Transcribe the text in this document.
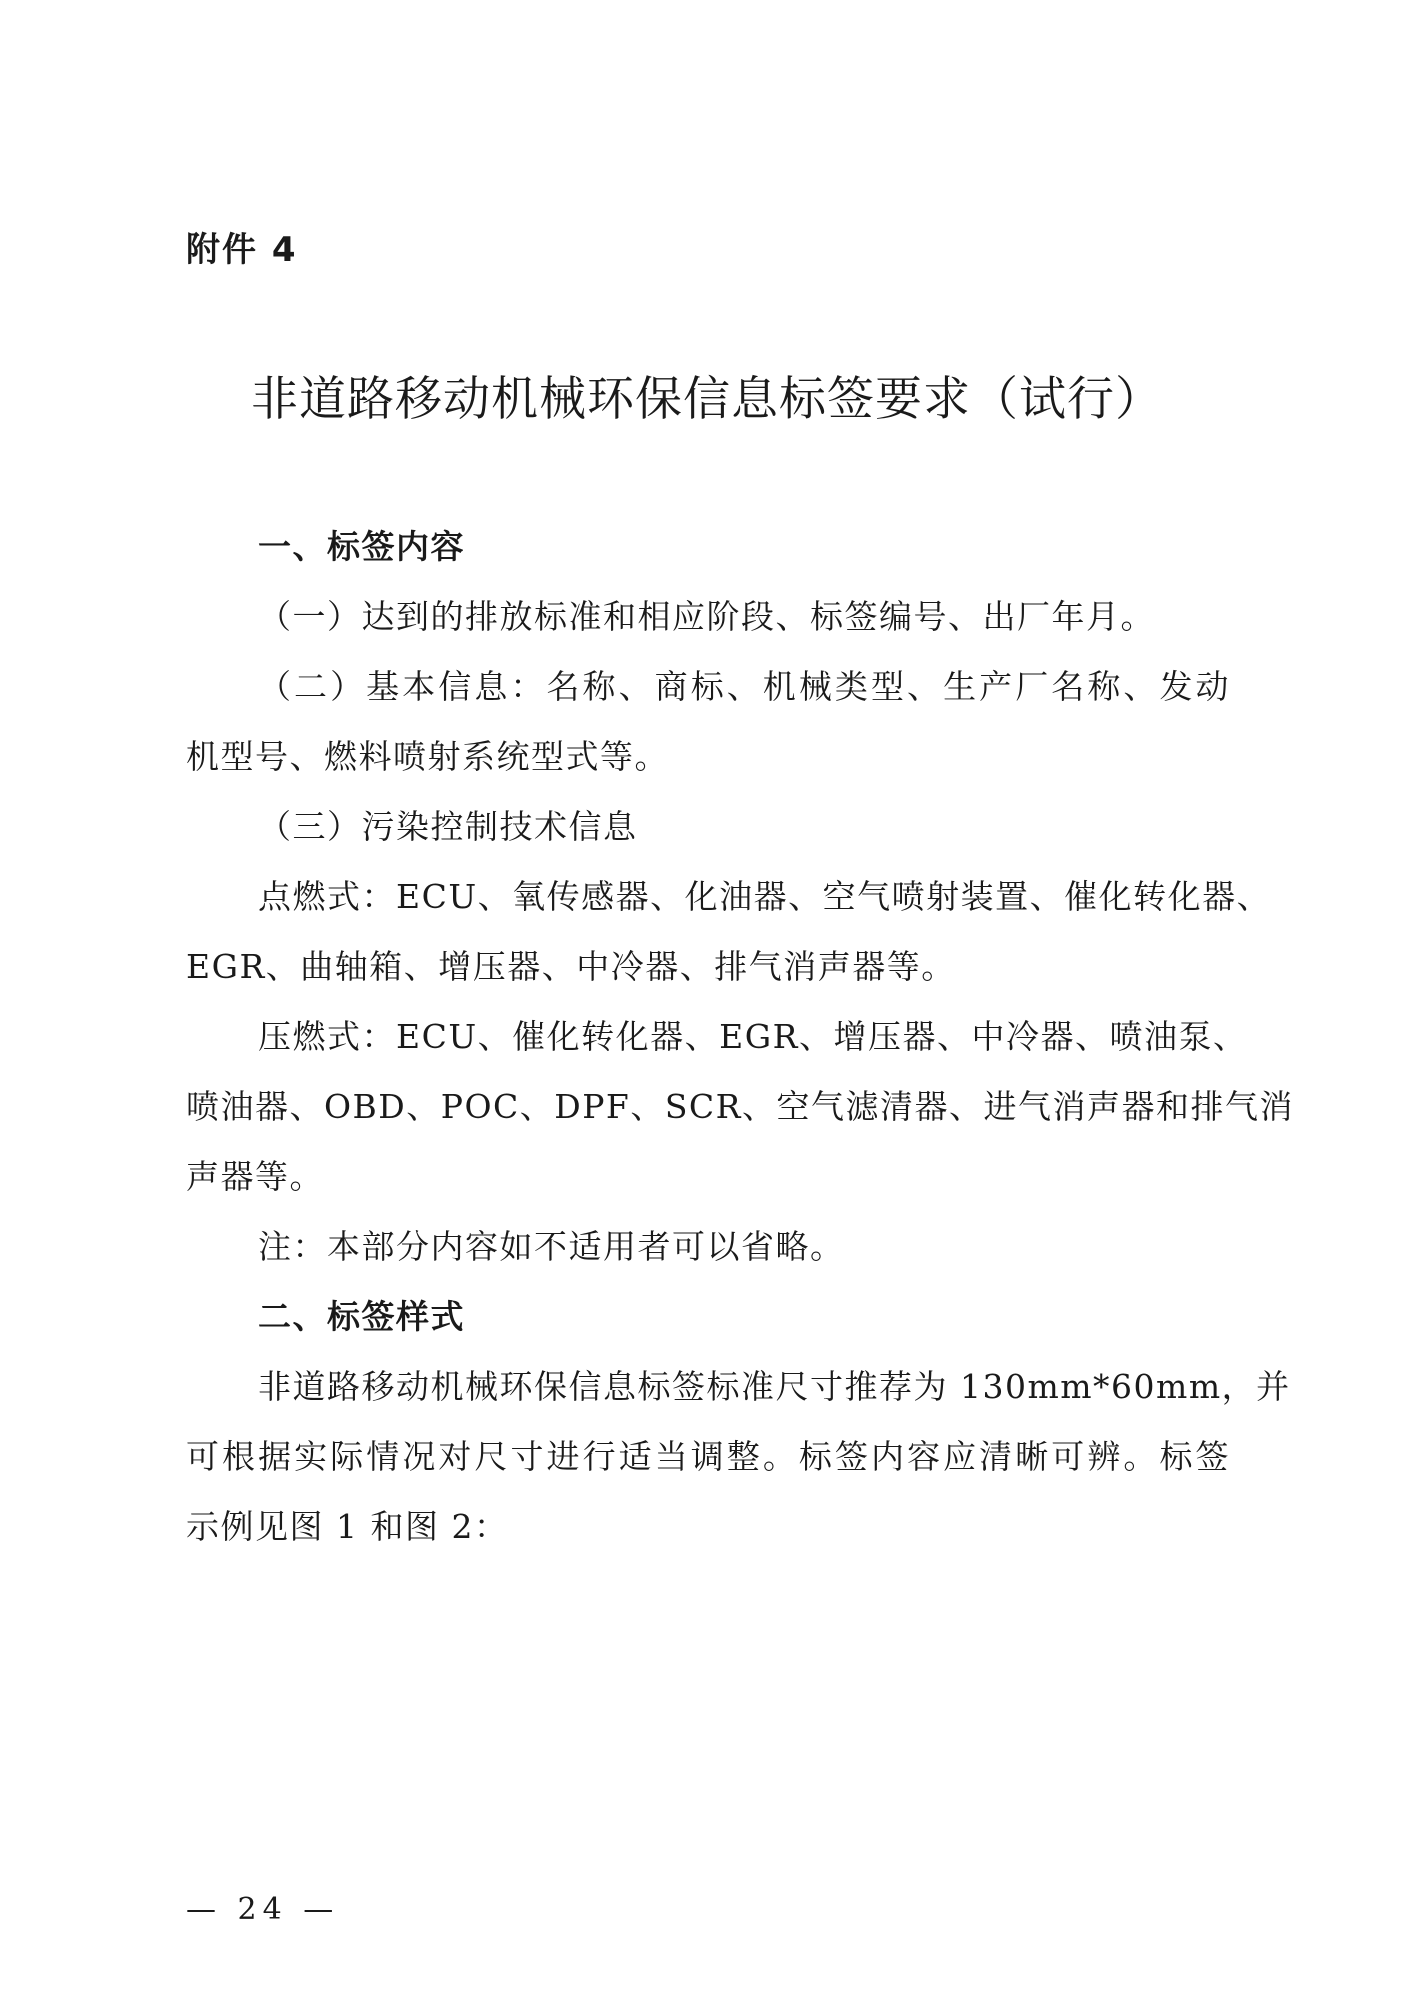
附件 4
非道路移动机械环保信息标签要求（试行）
一、标签内容
（一）达到的排放标准和相应阶段、标签编号、出厂年月。
（二）基本信息：名称、商标、机械类型、生产厂名称、发动
机型号、燃料喷射系统型式等。
（三）污染控制技术信息
点燃式：ECU、氧传感器、化油器、空气喷射装置、催化转化器、
EGR、曲轴箱、增压器、中冷器、排气消声器等。
压燃式：ECU、催化转化器、EGR、增压器、中冷器、喷油泵、
喷油器、OBD、POC、DPF、SCR、空气滤清器、进气消声器和排气消
声器等。
注：本部分内容如不适用者可以省略。
二、标签样式
非道路移动机械环保信息标签标准尺寸推荐为 130mm*60mm，并
可根据实际情况对尺寸进行适当调整。标签内容应清晰可辨。标签
示例见图 1 和图 2：
— 24 —
